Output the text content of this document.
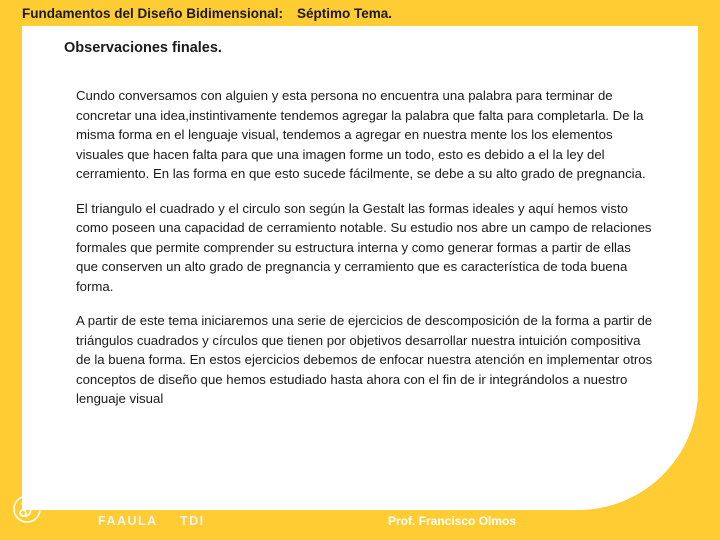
Fundamentos del Diseño Bidimensional: Séptimo Tema.
Observaciones finales.

Cundo conversamos con alguien y esta persona no encuentra una palabra para terminar de concretar una idea,instintivamente tendemos agregar la palabra que falta para completarla. De la misma forma en el lenguaje visual, tendemos a agregar en nuestra mente los los elementos visuales que hacen falta para que una imagen forme un todo, esto es debido a el la ley del cerramiento. En las forma en que esto sucede fácilmente, se debe a su alto grado de pregnancia.

El triangulo el cuadrado y el circulo son según la Gestalt las formas ideales y aquí hemos visto como poseen una capacidad de cerramiento notable. Su estudio nos abre un campo de relaciones formales que permite comprender su estructura interna y como generar formas a partir de ellas que conserven un alto grado de pregnancia y cerramiento que es característica de toda buena forma.

A partir de este tema iniciaremos una serie de ejercicios de descomposición de la forma a partir de triángulos cuadrados y círculos que tienen por objetivos desarrollar nuestra intuición compositiva de la buena forma. En estos ejercicios debemos de enfocar nuestra atención en implementar otros conceptos de diseño que hemos estudiado hasta ahora con el fin de ir integrándolos a nuestro lenguaje visual

FAAULA TDI	Prof. Francisco Olmos
